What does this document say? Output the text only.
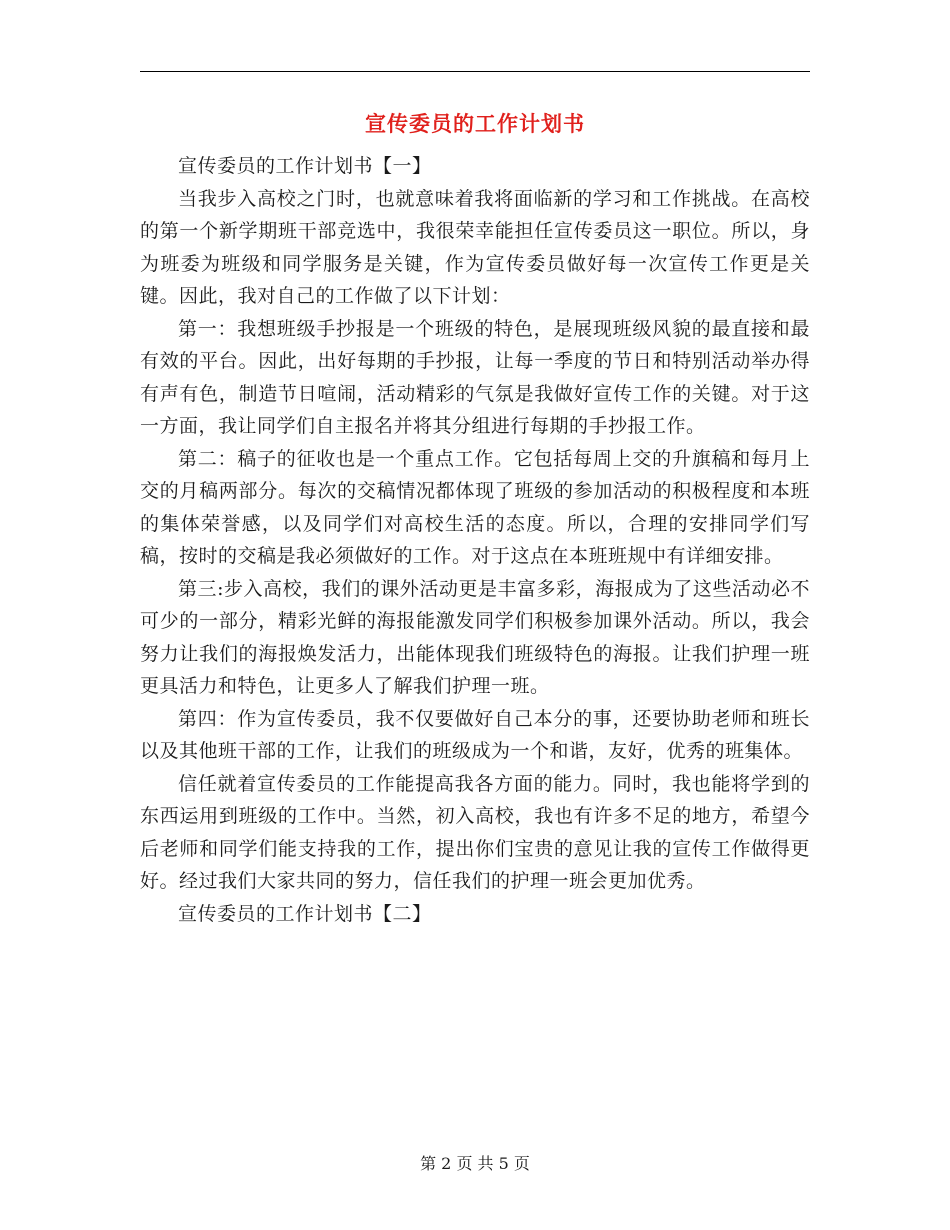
宣传委员的工作计划书

宣传委员的工作计划书【一】

当我步入高校之门时，也就意味着我将面临新的学习和工作挑战。在高校的第一个新学期班干部竞选中，我很荣幸能担任宣传委员这一职位。所以，身为班委为班级和同学服务是关键，作为宣传委员做好每一次宣传工作更是关键。因此，我对自己的工作做了以下计划：

第一：我想班级手抄报是一个班级的特色，是展现班级风貌的最直接和最有效的平台。因此，出好每期的手抄报，让每一季度的节日和特别活动举办得有声有色，制造节日喧闹，活动精彩的气氛是我做好宣传工作的关键。对于这一方面，我让同学们自主报名并将其分组进行每期的手抄报工作。

第二：稿子的征收也是一个重点工作。它包括每周上交的升旗稿和每月上交的月稿两部分。每次的交稿情况都体现了班级的参加活动的积极程度和本班的集体荣誉感，以及同学们对高校生活的态度。所以，合理的安排同学们写稿，按时的交稿是我必须做好的工作。对于这点在本班班规中有详细安排。

第三:步入高校，我们的课外活动更是丰富多彩，海报成为了这些活动必不可少的一部分，精彩光鲜的海报能激发同学们积极参加课外活动。所以，我会努力让我们的海报焕发活力，出能体现我们班级特色的海报。让我们护理一班更具活力和特色，让更多人了解我们护理一班。

第四：作为宣传委员，我不仅要做好自己本分的事，还要协助老师和班长以及其他班干部的工作，让我们的班级成为一个和谐，友好，优秀的班集体。

信任就着宣传委员的工作能提高我各方面的能力。同时，我也能将学到的东西运用到班级的工作中。当然，初入高校，我也有许多不足的地方，希望今后老师和同学们能支持我的工作，提出你们宝贵的意见让我的宣传工作做得更好。经过我们大家共同的努力，信任我们的护理一班会更加优秀。

宣传委员的工作计划书【二】

第 2 页 共 5 页
